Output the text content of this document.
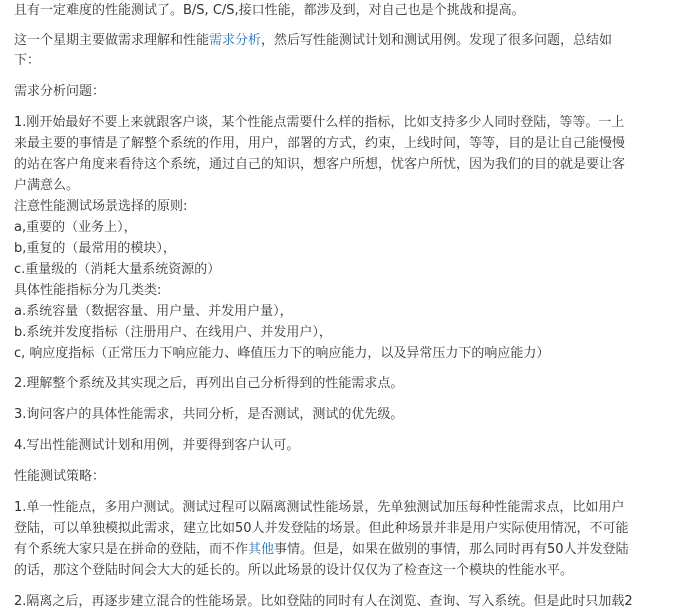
且有一定难度的性能测试了。B/S, C/S,接口性能，都涉及到，对自己也是个挑战和提高。
这一个星期主要做需求理解和性能需求分析，然后写性能测试计划和测试用例。发现了很多问题，总结如
下：
需求分析问题：
1.刚开始最好不要上来就跟客户谈，某个性能点需要什么样的指标，比如支持多少人同时登陆，等等。一上
来最主要的事情是了解整个系统的作用，用户，部署的方式，约束，上线时间，等等，目的是让自己能慢慢
的站在客户角度来看待这个系统，通过自己的知识，想客户所想，忧客户所忧，因为我们的目的就是要让客
户满意么。
注意性能测试场景选择的原则:
a,重要的（业务上），
b,重复的（最常用的模块），
c.重量级的（消耗大量系统资源的）
具体性能指标分为几类类:
a.系统容量（数据容量、用户量、并发用户量），
b.系统并发度指标（注册用户、在线用户、并发用户），
c, 响应度指标（正常压力下响应能力、峰值压力下的响应能力，以及异常压力下的响应能力）
2.理解整个系统及其实现之后，再列出自己分析得到的性能需求点。
3.询问客户的具体性能需求，共同分析，是否测试，测试的优先级。
4.写出性能测试计划和用例，并要得到客户认可。
性能测试策略：
1.单一性能点，多用户测试。测试过程可以隔离测试性能场景，先单独测试加压每种性能需求点，比如用户
登陆，可以单独模拟此需求，建立比如50人并发登陆的场景。但此种场景并非是用户实际使用情况，不可能
有个系统大家只是在拼命的登陆，而不作其他事情。但是，如果在做别的事情，那么同时再有50人并发登陆
的话，那这个登陆时间会大大的延长的。所以此场景的设计仅仅为了检查这一个模块的性能水平。
2.隔离之后，再逐步建立混合的性能场景。比如登陆的同时有人在浏览、查询、写入系统。但是此时只加载2
